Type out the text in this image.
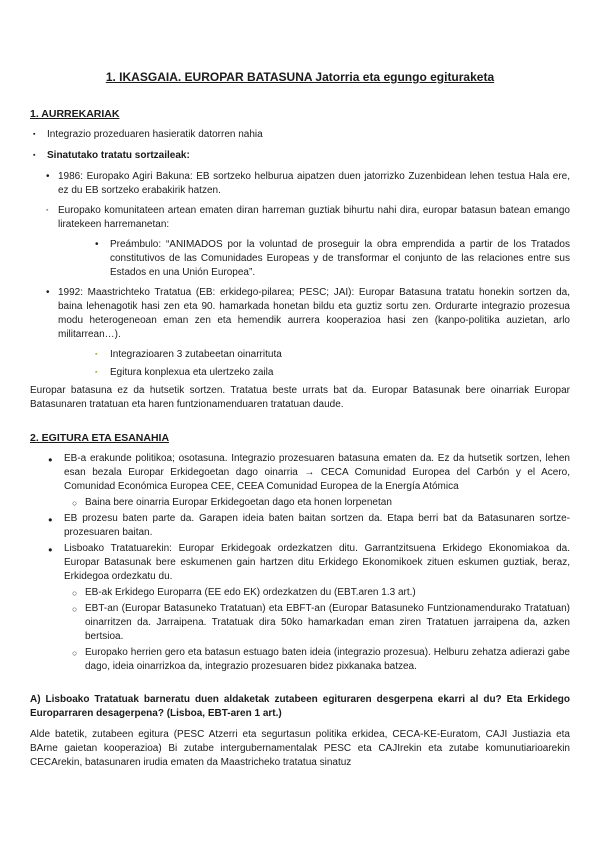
1. IKASGAIA. EUROPAR BATASUNA Jatorria eta egungo egituraketa
1. AURREKARIAK
▪ Integrazio prozeduaren hasieratik datorren nahia
▪ Sinatutako tratatu sortzaileak:
• 1986: Europako Agiri Bakuna: EB sortzeko helburua aipatzen duen jatorrizko Zuzenbidean lehen testua Hala ere, ez du EB sortzeko erabakirik hatzen.
▪ Europako komunitateen artean ematen diran harreman guztiak bihurtu nahi dira, europar batasun batean emango liratekeen harremanetan:
• Preámbulo: “ANIMADOS por la voluntad de proseguir la obra emprendida a partir de los Tratados constitutivos de las Comunidades Europeas y de transformar el conjunto de las relaciones entre sus Estados en una Unión Europea”.
• 1992: Maastrichteko Tratatua (EB: erkidego-pilarea; PESC; JAI): Europar Batasuna tratatu honekin sortzen da, baina lehenagotik hasi zen eta 90. hamarkada honetan bildu eta guztiz sortu zen. Ordurarte integrazio prozesua modu heterogeneoan eman zen eta hemendik aurrera kooperazioa hasi zen (kanpo-politika auzietan, arlo militarrean…).
▪ Integrazioaren 3 zutabeetan oinarrituta
▪ Egitura konplexua eta ulertzeko zaila

Europar batasuna ez da hutsetik sortzen. Tratatua beste urrats bat da. Europar Batasunak bere oinarriak Europar Batasunaren tratatuan eta haren funtzionamenduaren tratatuan daude.

2. EGITURA ETA ESANAHIA
● EB-a erakunde politikoa; osotasuna. Integrazio prozesuaren batasuna ematen da. Ez da hutsetik sortzen, lehen esan bezala Europar Erkidegoetan dago oinarria → CECA Comunidad Europea del Carbón y el Acero, Comunidad Económica Europea CEE, CEEA Comunidad Europea de la Energía Atómica
○ Baina bere oinarria Europar Erkidegoetan dago eta honen lorpenetan
● EB prozesu baten parte da. Garapen ideia baten baitan sortzen da. Etapa berri bat da Batasunaren sortze-prozesuaren baitan.
● Lisboako Tratatuarekin: Europar Erkidegoak ordezkatzen ditu. Garrantzitsuena Erkidego Ekonomiakoa da. Europar Batasunak bere eskumenen gain hartzen ditu Erkidego Ekonomikoek zituen eskumen guztiak, beraz, Erkidegoa ordezkatu du.
○ EB-ak Erkidego Europarra (EE edo EK) ordezkatzen du (EBT.aren 1.3 art.)
○ EBT-an (Europar Batasuneko Tratatuan) eta EBFT-an (Europar Batasuneko Funtzionamendurako Tratatuan) oinarritzen da. Jarraipena. Tratatuak dira 50ko hamarkadan eman ziren Tratatuen jarraipena da, azken bertsioa.
○ Europako herrien gero eta batasun estuago baten ideia (integrazio prozesua). Helburu zehatza adierazi gabe dago, ideia oinarrizkoa da, integrazio prozesuaren bidez pixkanaka batzea.
A) Lisboako Tratatuak barneratu duen aldaketak zutabeen egituraren desgerpena ekarri al du? Eta Erkidego Europarraren desagerpena? (Lisboa, EBT-aren 1 art.)

Alde batetik, zutabeen egitura (PESC Atzerri eta segurtasun politika erkidea, CECA-KE-Euratom, CAJI Justiazia eta BArne gaietan kooperazioa) Bi zutabe intergubernamentalak PESC eta CAJIrekin eta zutabe komunutiarioarekin CECArekin, batasunaren irudia ematen da Maastricheko tratatua sinatuz
